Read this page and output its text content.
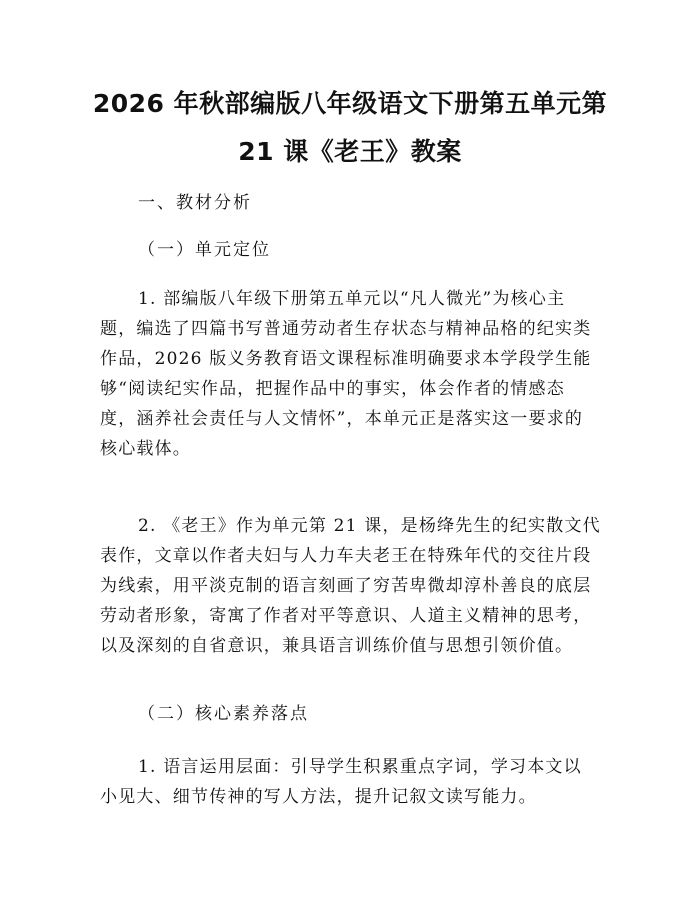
2026 年秋部编版八年级语文下册第五单元第
21 课《老王》教案
一、教材分析
（一）单元定位
1. 部编版八年级下册第五单元以“凡人微光”为核心主
题，编选了四篇书写普通劳动者生存状态与精神品格的纪实类
作品，2026 版义务教育语文课程标准明确要求本学段学生能
够“阅读纪实作品，把握作品中的事实，体会作者的情感态
度，涵养社会责任与人文情怀”，本单元正是落实这一要求的
核心载体。
2. 《老王》作为单元第 21 课，是杨绛先生的纪实散文代
表作，文章以作者夫妇与人力车夫老王在特殊年代的交往片段
为线索，用平淡克制的语言刻画了穷苦卑微却淳朴善良的底层
劳动者形象，寄寓了作者对平等意识、人道主义精神的思考，
以及深刻的自省意识，兼具语言训练价值与思想引领价值。
（二）核心素养落点
1. 语言运用层面：引导学生积累重点字词，学习本文以
小见大、细节传神的写人方法，提升记叙文读写能力。
